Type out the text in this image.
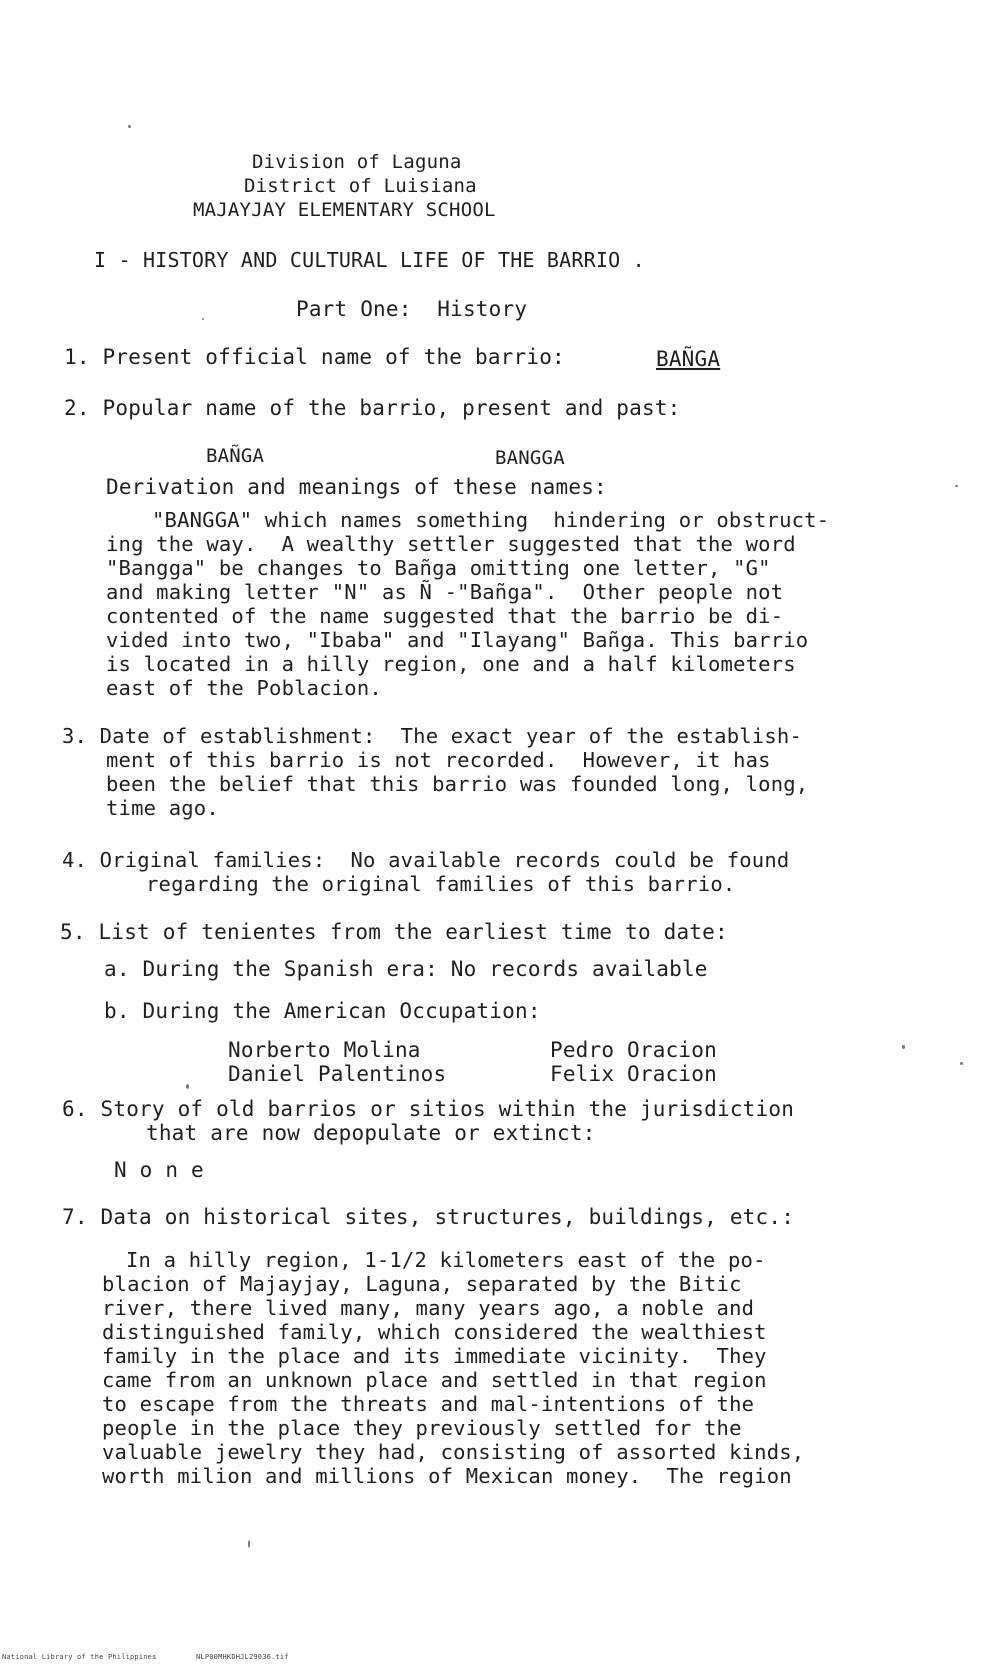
Division of Laguna
District of Luisiana
MAJAYJAY ELEMENTARY SCHOOL
I - HISTORY AND CULTURAL LIFE OF THE BARRIO .
Part One:  History
1. Present official name of the barrio:	BAÑGA
2. Popular name of the barrio, present and past:
BAÑGA	BANGGA
Derivation and meanings of these names:
"BANGGA" which names something  hindering or obstruct-
ing the way.  A wealthy settler suggested that the word
"Bangga" be changes to Bañga omitting one letter, "G"
and making letter "N" as Ñ -"Bañga".  Other people not
contented of the name suggested that the barrio be di-
vided into two, "Ibaba" and "Ilayang" Bañga. This barrio
is located in a hilly region, one and a half kilometers
east of the Poblacion.
3. Date of establishment:  The exact year of the establish-
ment of this barrio is not recorded.  However, it has
been the belief that this barrio was founded long, long,
time ago.
4. Original families:  No available records could be found
regarding the original families of this barrio.
5. List of tenientes from the earliest time to date:
a. During the Spanish era: No records available
b. During the American Occupation:
Norberto Molina	Pedro Oracion
Daniel Palentinos	Felix Oracion
6. Story of old barrios or sitios within the jurisdiction
that are now depopulate or extinct:
N o n e
7. Data on historical sites, structures, buildings, etc.:
In a hilly region, 1-1/2 kilometers east of the po-
blacion of Majayjay, Laguna, separated by the Bitic
river, there lived many, many years ago, a noble and
distinguished family, which considered the wealthiest
family in the place and its immediate vicinity.  They
came from an unknown place and settled in that region
to escape from the threats and mal-intentions of the
people in the place they previously settled for the
valuable jewelry they had, consisting of assorted kinds,
worth milion and millions of Mexican money.  The region
National Library of the Philippines	NLP00MHKDHJL29036.tif
